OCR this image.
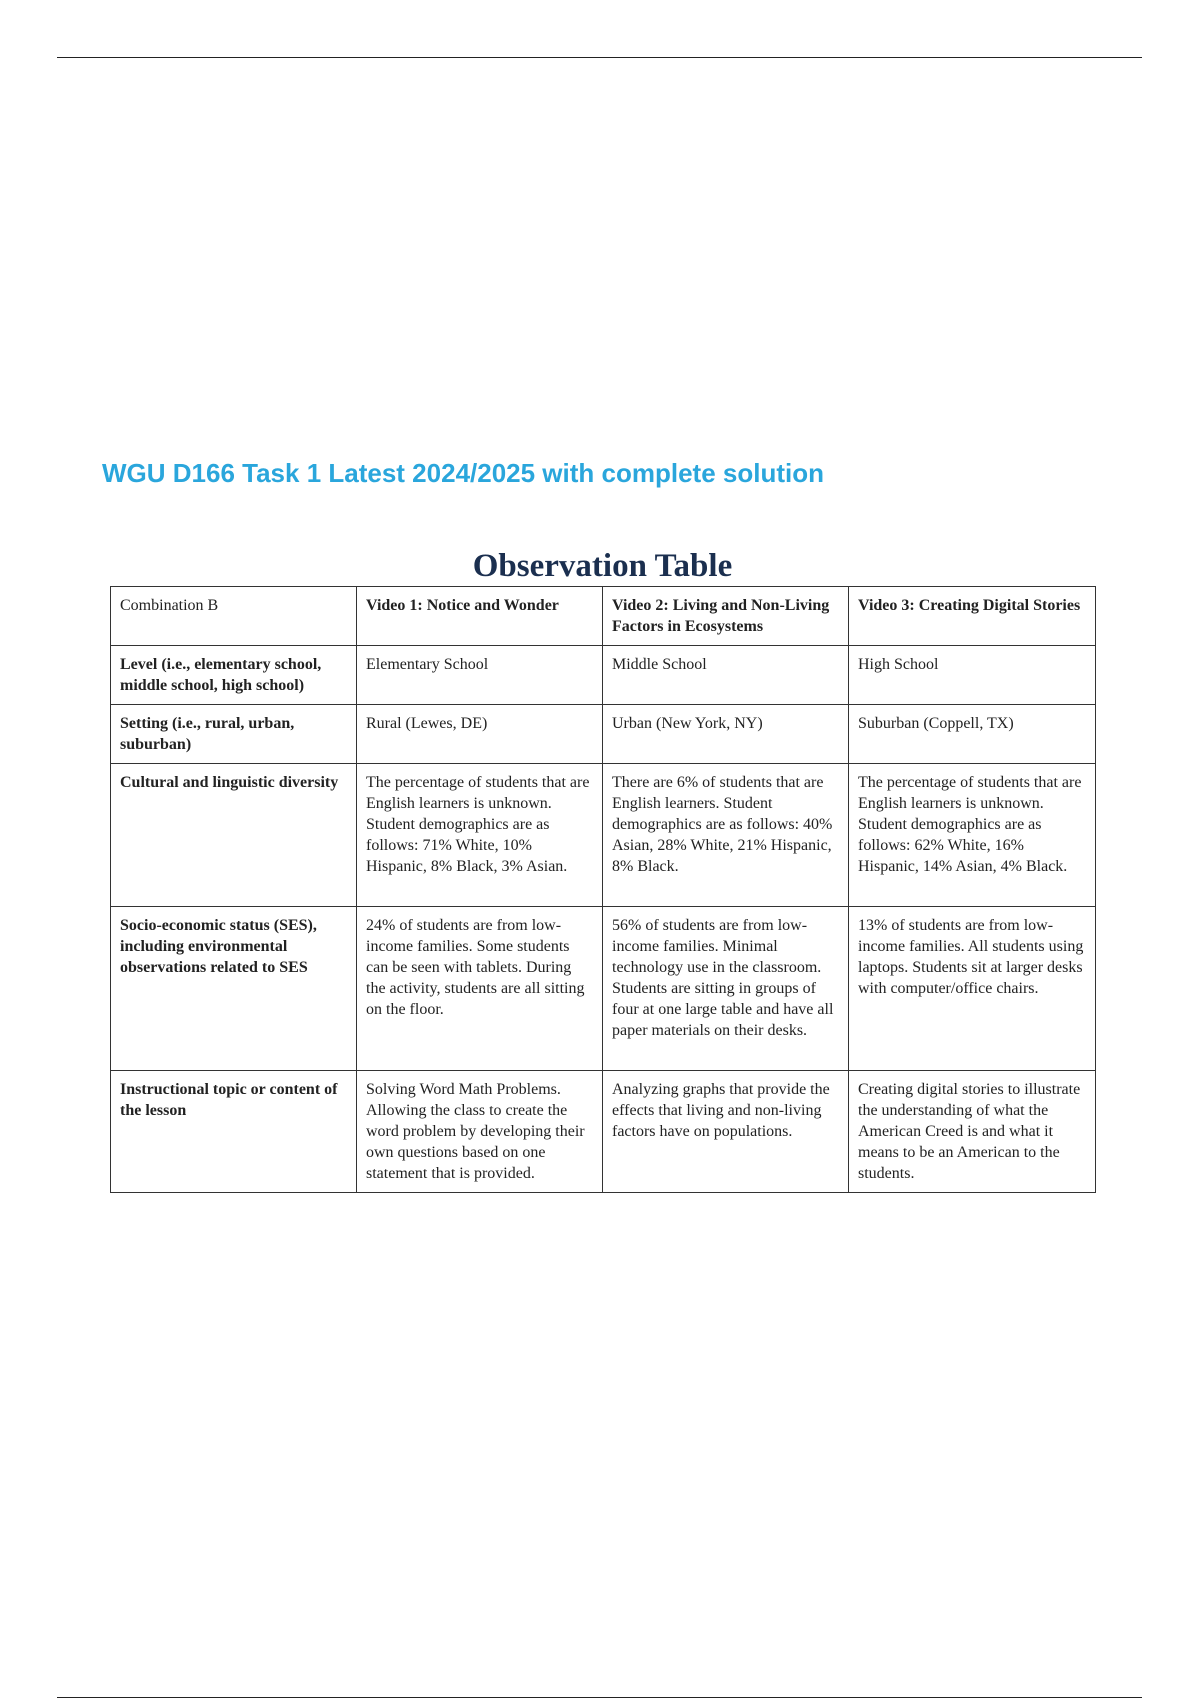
WGU D166 Task 1 Latest 2024/2025 with complete solution
Observation Table
Combination B	Video 1: Notice and Wonder	Video 2: Living and Non-Living Factors in Ecosystems	Video 3: Creating Digital Stories
Level (i.e., elementary school, middle school, high school)	Elementary School	Middle School	High School
Setting (i.e., rural, urban, suburban)	Rural (Lewes, DE)	Urban (New York, NY)	Suburban (Coppell, TX)
Cultural and linguistic diversity	The percentage of students that are English learners is unknown. Student demographics are as follows: 71% White, 10% Hispanic, 8% Black, 3% Asian.	There are 6% of students that are English learners. Student demographics are as follows: 40% Asian, 28% White, 21% Hispanic, 8% Black.	The percentage of students that are English learners is unknown. Student demographics are as follows: 62% White, 16% Hispanic, 14% Asian, 4% Black.
Socio-economic status (SES), including environmental observations related to SES	24% of students are from low-income families. Some students can be seen with tablets. During the activity, students are all sitting on the floor.	56% of students are from low-income families. Minimal technology use in the classroom. Students are sitting in groups of four at one large table and have all paper materials on their desks.	13% of students are from low-income families. All students using laptops. Students sit at larger desks with computer/office chairs.
Instructional topic or content of the lesson	Solving Word Math Problems. Allowing the class to create the word problem by developing their own questions based on one statement that is provided.	Analyzing graphs that provide the effects that living and non-living factors have on populations.	Creating digital stories to illustrate the understanding of what the American Creed is and what it means to be an American to the students.
